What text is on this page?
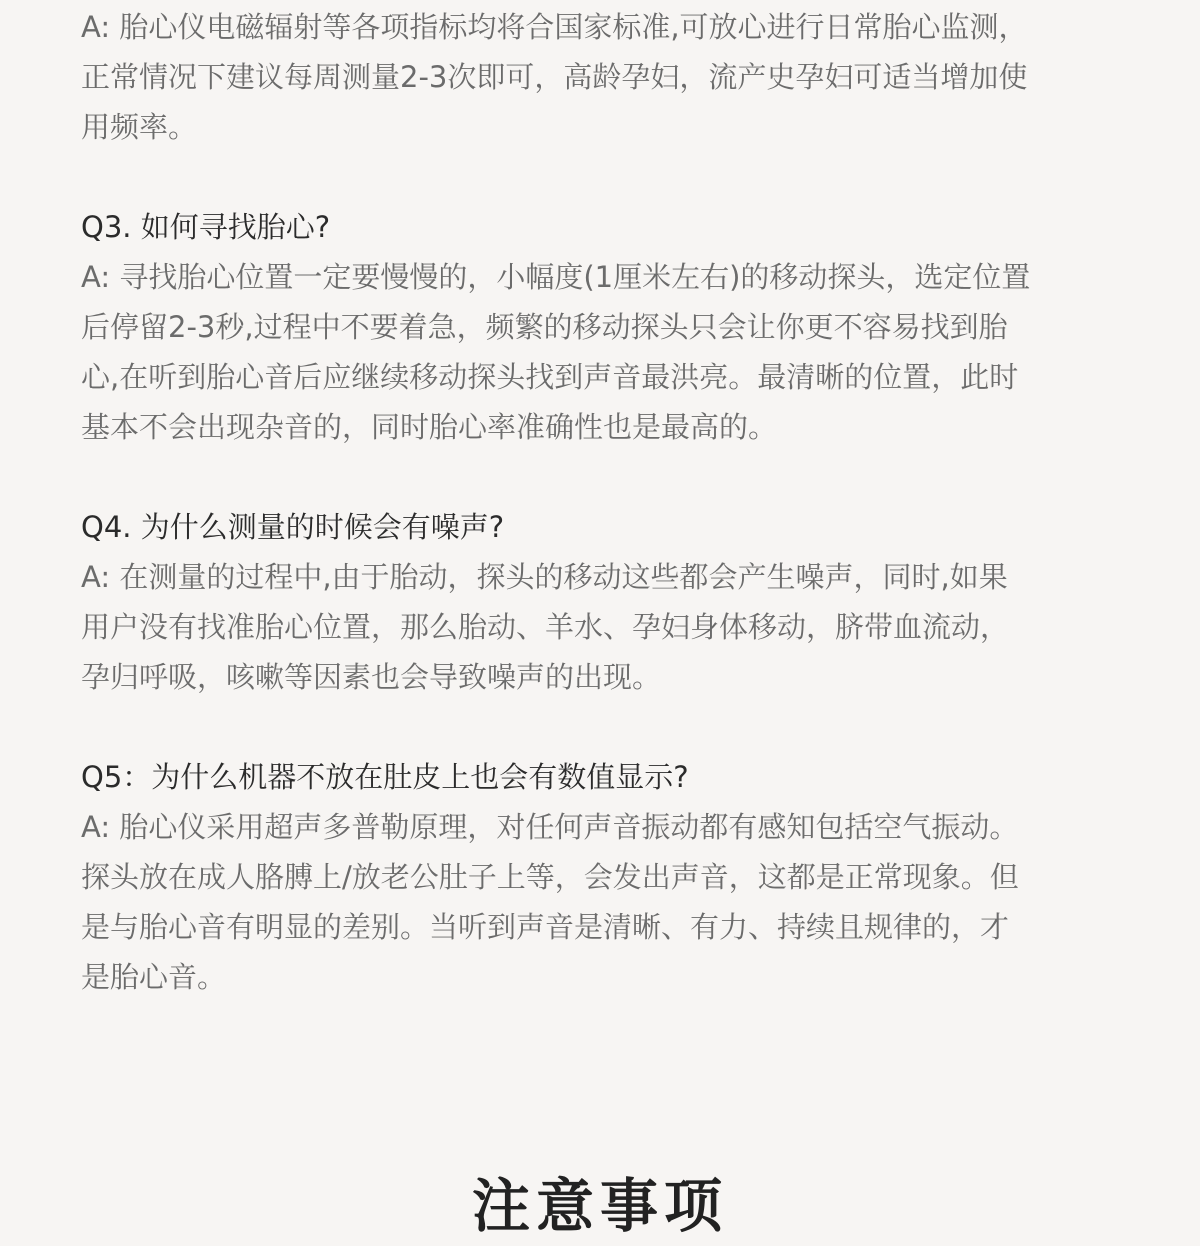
A: 胎心仪电磁辐射等各项指标均将合国家标准,可放心进行日常胎心监测，
正常情况下建议每周测量2-3次即可，高龄孕妇，流产史孕妇可适当增加使
用频率。

Q3. 如何寻找胎心?

A: 寻找胎心位置一定要慢慢的，小幅度(1厘米左右)的移动探头，选定位置
后停留2-3秒,过程中不要着急，频繁的移动探头只会让你更不容易找到胎
心,在听到胎心音后应继续移动探头找到声音最洪亮。最清晰的位置，此时
基本不会出现杂音的，同时胎心率准确性也是最高的。

Q4. 为什么测量的时候会有噪声?

A: 在测量的过程中,由于胎动，探头的移动这些都会产生噪声，同时,如果
用户没有找准胎心位置，那么胎动、羊水、孕妇身体移动，脐带血流动，
孕归呼吸，咳嗽等因素也会导致噪声的出现。

Q5：为什么机器不放在肚皮上也会有数值显示?

A: 胎心仪采用超声多普勒原理，对任何声音振动都有感知包括空气振动。
探头放在成人胳膊上/放老公肚子上等，会发出声音，这都是正常现象。但
是与胎心音有明显的差别。当听到声音是清晰、有力、持续且规律的，才
是胎心音。

注意事项
